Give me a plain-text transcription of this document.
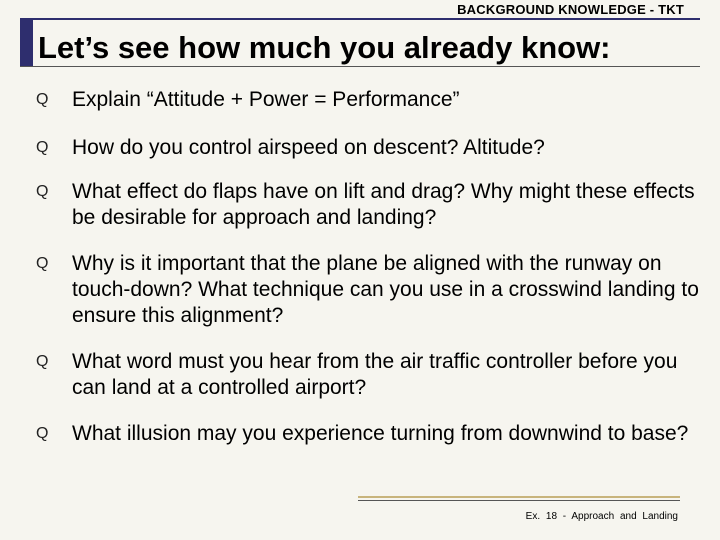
BACKGROUND KNOWLEDGE - TKT
Let’s see how much you already know:
Q Explain “Attitude + Power = Performance”
Q How do you control airspeed on descent? Altitude?
Q What effect do flaps have on lift and drag? Why might these effects be desirable for approach and landing?
Q Why is it important that the plane be aligned with the runway on touch-down? What technique can you use in a crosswind landing to ensure this alignment?
Q What word must you hear from the air traffic controller before you can land at a controlled airport?
Q What illusion may you experience turning from downwind to base?
Ex. 18 - Approach and Landing
